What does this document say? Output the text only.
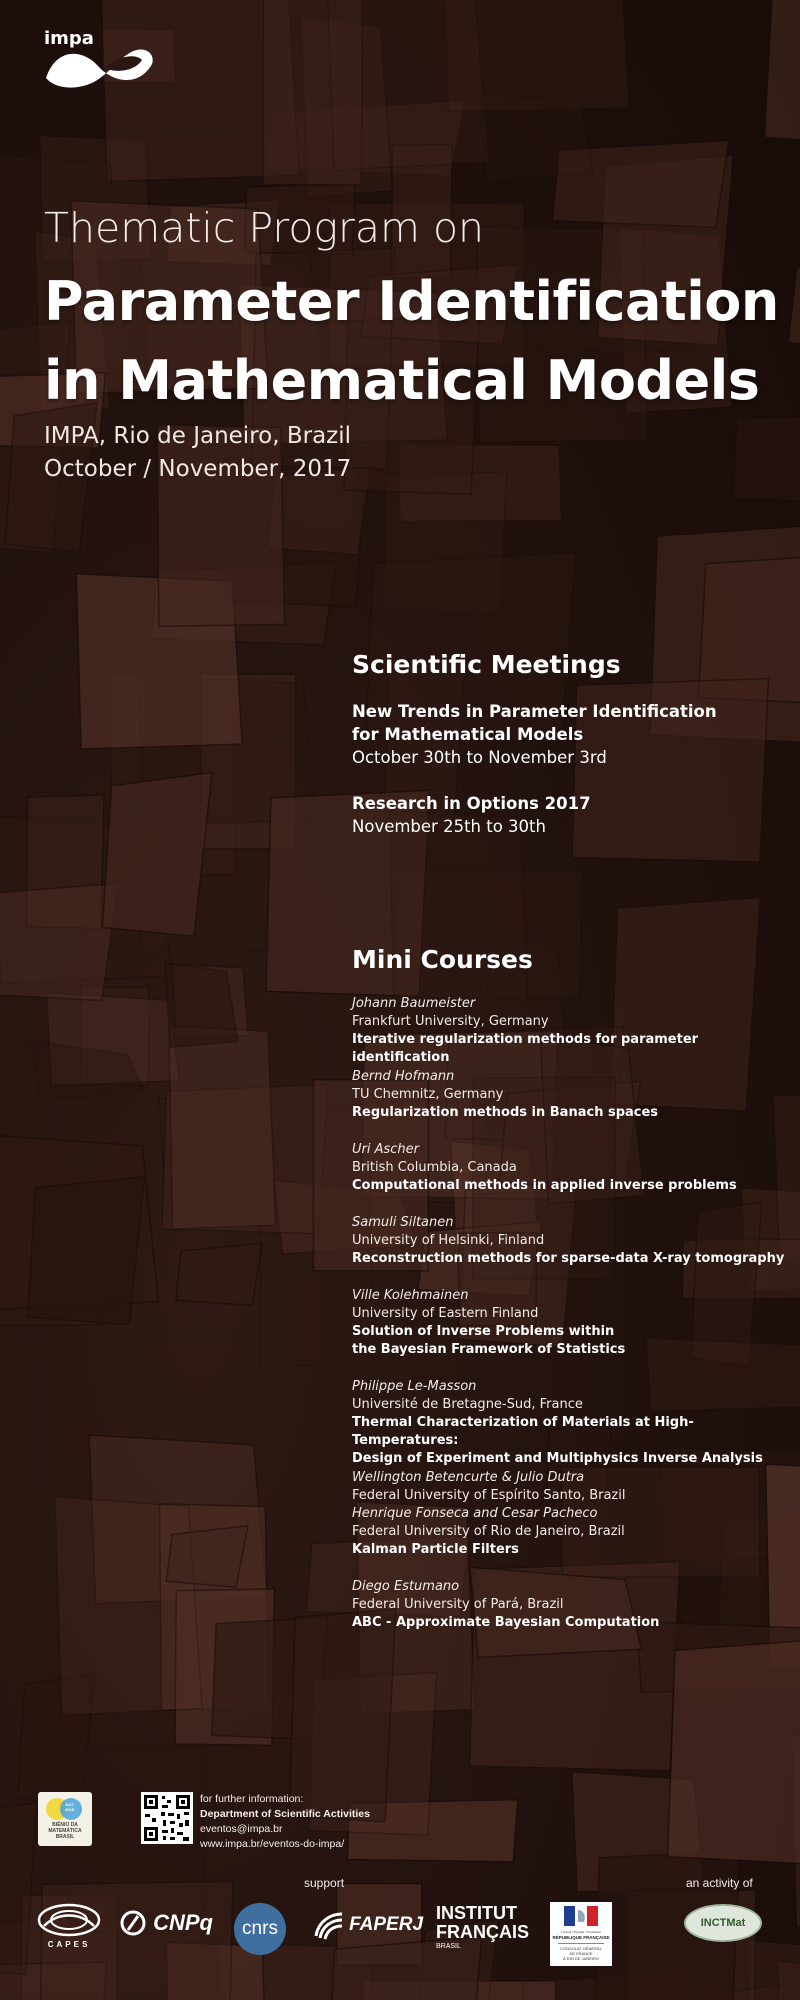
impa
Thematic Program on
Parameter Identification
in Mathematical Models
IMPA, Rio de Janeiro, Brazil
October / November, 2017
Scientific Meetings
New Trends in Parameter Identification
for Mathematical Models
October 30th to November 3rd
Research in Options 2017
November 25th to 30th
Mini Courses
Johann Baumeister
Frankfurt University, Germany
Iterative regularization methods for parameter identification
Bernd Hofmann
TU Chemnitz, Germany
Regularization methods in Banach spaces
Uri Ascher
British Columbia, Canada
Computational methods in applied inverse problems
Samuli Siltanen
University of Helsinki, Finland
Reconstruction methods for sparse-data X-ray tomography
Ville Kolehmainen
University of Eastern Finland
Solution of Inverse Problems within
the Bayesian Framework of Statistics
Philippe Le-Masson
Université de Bretagne-Sud, France
Thermal Characterization of Materials at High-Temperatures:
Design of Experiment and Multiphysics Inverse Analysis
Wellington Betencurte & Julio Dutra
Federal University of Espírito Santo, Brazil
Henrique Fonseca and Cesar Pacheco
Federal University of Rio de Janeiro, Brazil
Kalman Particle Filters
Diego Estumano
Federal University of Pará, Brazil
ABC - Approximate Bayesian Computation
2017 2018
BIÊNIO DA
MATEMÁTICA
BRASIL
for further information:
Department of Scientific Activities
eventos@impa.br
www.impa.br/eventos-do-impa/
support	an activity of
CAPES
CNPq cnrs	FAPERJ
INSTITUT
FRANÇAIS
BRASIL
Liberté • Égalité • Fraternité
RÉPUBLIQUE FRANÇAISE
CONSULAT GÉNÉRAL
DE FRANCE
À RIO DE JANEIRO
INCTMat
